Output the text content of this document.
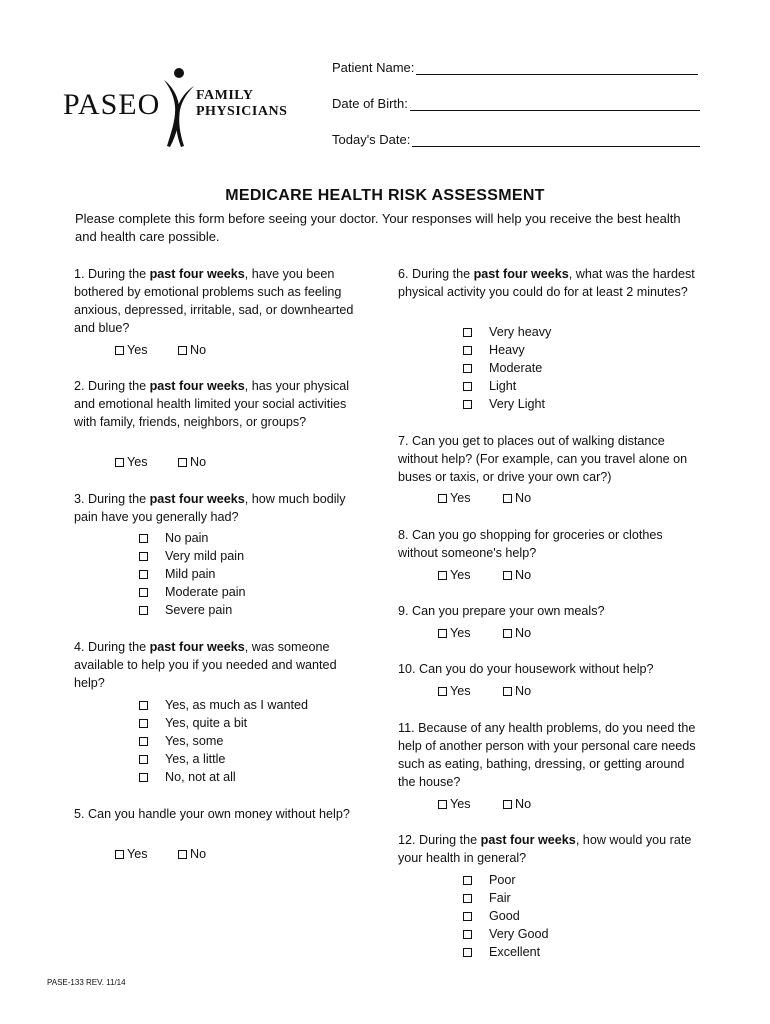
PASEO	FAMILY
PHYSICIANS
Patient Name:
Date of Birth:
Today's Date:
MEDICARE HEALTH RISK ASSESSMENT
Please complete this form before seeing your doctor. Your responses will help you receive the best health and health care possible.
1. During the past four weeks, have you been bothered by emotional problems such as feeling anxious, depressed, irritable, sad, or downhearted and blue?
Yes	No
2. During the past four weeks, has your physical and emotional health limited your social activities with family, friends, neighbors, or groups?
Yes	No
3. During the past four weeks, how much bodily pain have you generally had?
No pain
Very mild pain
Mild pain
Moderate pain
Severe pain
4. During the past four weeks, was someone available to help you if you needed and wanted help?
Yes, as much as I wanted
Yes, quite a bit
Yes, some
Yes, a little
No, not at all
5. Can you handle your own money without help?
Yes	No
6. During the past four weeks, what was the hardest physical activity you could do for at least 2 minutes?
Very heavy
Heavy
Moderate
Light
Very Light
7. Can you get to places out of walking distance without help? (For example, can you travel alone on buses or taxis, or drive your own car?)
Yes	No
8. Can you go shopping for groceries or clothes without someone's help?
Yes	No
9. Can you prepare your own meals?
Yes	No
10. Can you do your housework without help?
Yes	No
11. Because of any health problems, do you need the help of another person with your personal care needs such as eating, bathing, dressing, or getting around the house?
Yes	No
12. During the past four weeks, how would you rate your health in general?
Poor
Fair
Good
Very Good
Excellent
PASE-133 REV. 11/14
